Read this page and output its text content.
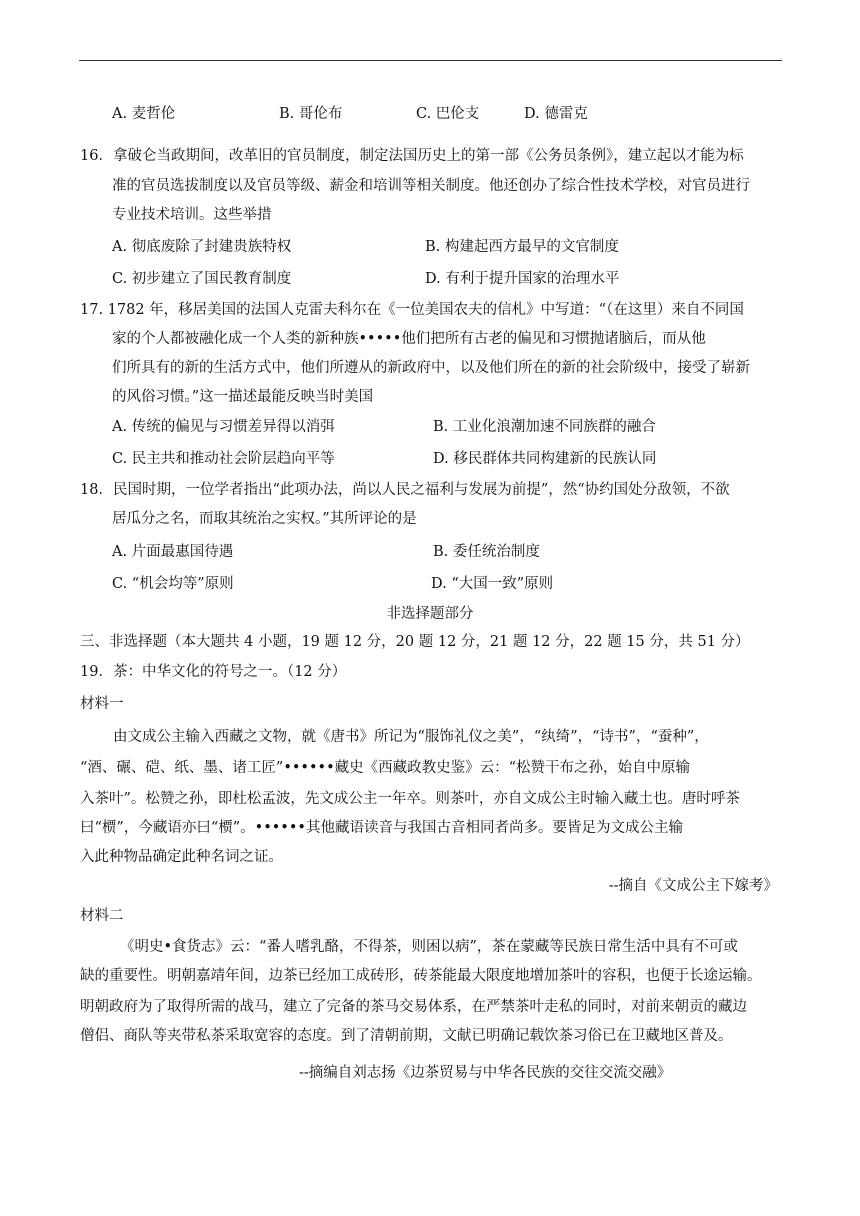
A. 麦哲伦	B. 哥伦布	C. 巴伦支	D. 德雷克
16．拿破仑当政期间，改革旧的官员制度，制定法国历史上的第一部《公务员条例》，建立起以才能为标
准的官员选拔制度以及官员等级、薪金和培训等相关制度。他还创办了综合性技术学校，对官员进行
专业技术培训。这些举措
A. 彻底废除了封建贵族特权	B. 构建起西方最早的文官制度
C. 初步建立了国民教育制度	D. 有利于提升国家的治理水平
17. 1782 年，移居美国的法国人克雷夫科尔在《一位美国农夫的信札》中写道：“（在这里）来自不同国
家的个人都被融化成一个人类的新种族•••••他们把所有古老的偏见和习惯抛诸脑后，而从他
们所具有的新的生活方式中，他们所遵从的新政府中，以及他们所在的新的社会阶级中，接受了崭新
的风俗习惯。”这一描述最能反映当时美国
A. 传统的偏见与习惯差异得以消弭	B. 工业化浪潮加速不同族群的融合
C. 民主共和推动社会阶层趋向平等	D. 移民群体共同构建新的民族认同
18．民国时期，一位学者指出“此项办法，尚以人民之福利与发展为前提”，然“协约国处分敌领，不欲
居瓜分之名，而取其统治之实权。”其所评论的是
A. 片面最惠国待遇	B. 委任统治制度
C. “机会均等”原则	D. “大国一致”原则
非选择题部分
三、非选择题（本大题共 4 小题，19 题 12 分，20 题 12 分，21 题 12 分，22 题 15 分，共 51 分）
19．茶：中华文化的符号之一。（12 分）
材料一
由文成公主输入西藏之文物，就《唐书》所记为“服饰礼仪之美”，“纨绮”，“诗书”，“蚕种”，
“酒、碾、硙、纸、墨、诸工匠”••••••藏史《西藏政教史鉴》云：“松赞干布之孙，始自中原输
入茶叶”。松赞之孙，即杜松孟波，先文成公主一年卒。则茶叶，亦自文成公主时输入藏土也。唐时呼茶
曰“槚”，今藏语亦曰“槚”。••••••其他藏语读音与我国古音相同者尚多。要皆足为文成公主输
入此种物品确定此种名词之证。
--摘自《文成公主下嫁考》
材料二
《明史•食货志》云：“番人嗜乳酪，不得茶，则困以病”，茶在蒙藏等民族日常生活中具有不可或
缺的重要性。明朝嘉靖年间，边茶已经加工成砖形，砖茶能最大限度地增加茶叶的容积，也便于长途运输。
明朝政府为了取得所需的战马，建立了完备的茶马交易体系，在严禁茶叶走私的同时，对前来朝贡的藏边
僧侣、商队等夹带私茶采取宽容的态度。到了清朝前期，文献已明确记载饮茶习俗已在卫藏地区普及。
--摘编自刘志扬《边茶贸易与中华各民族的交往交流交融》
